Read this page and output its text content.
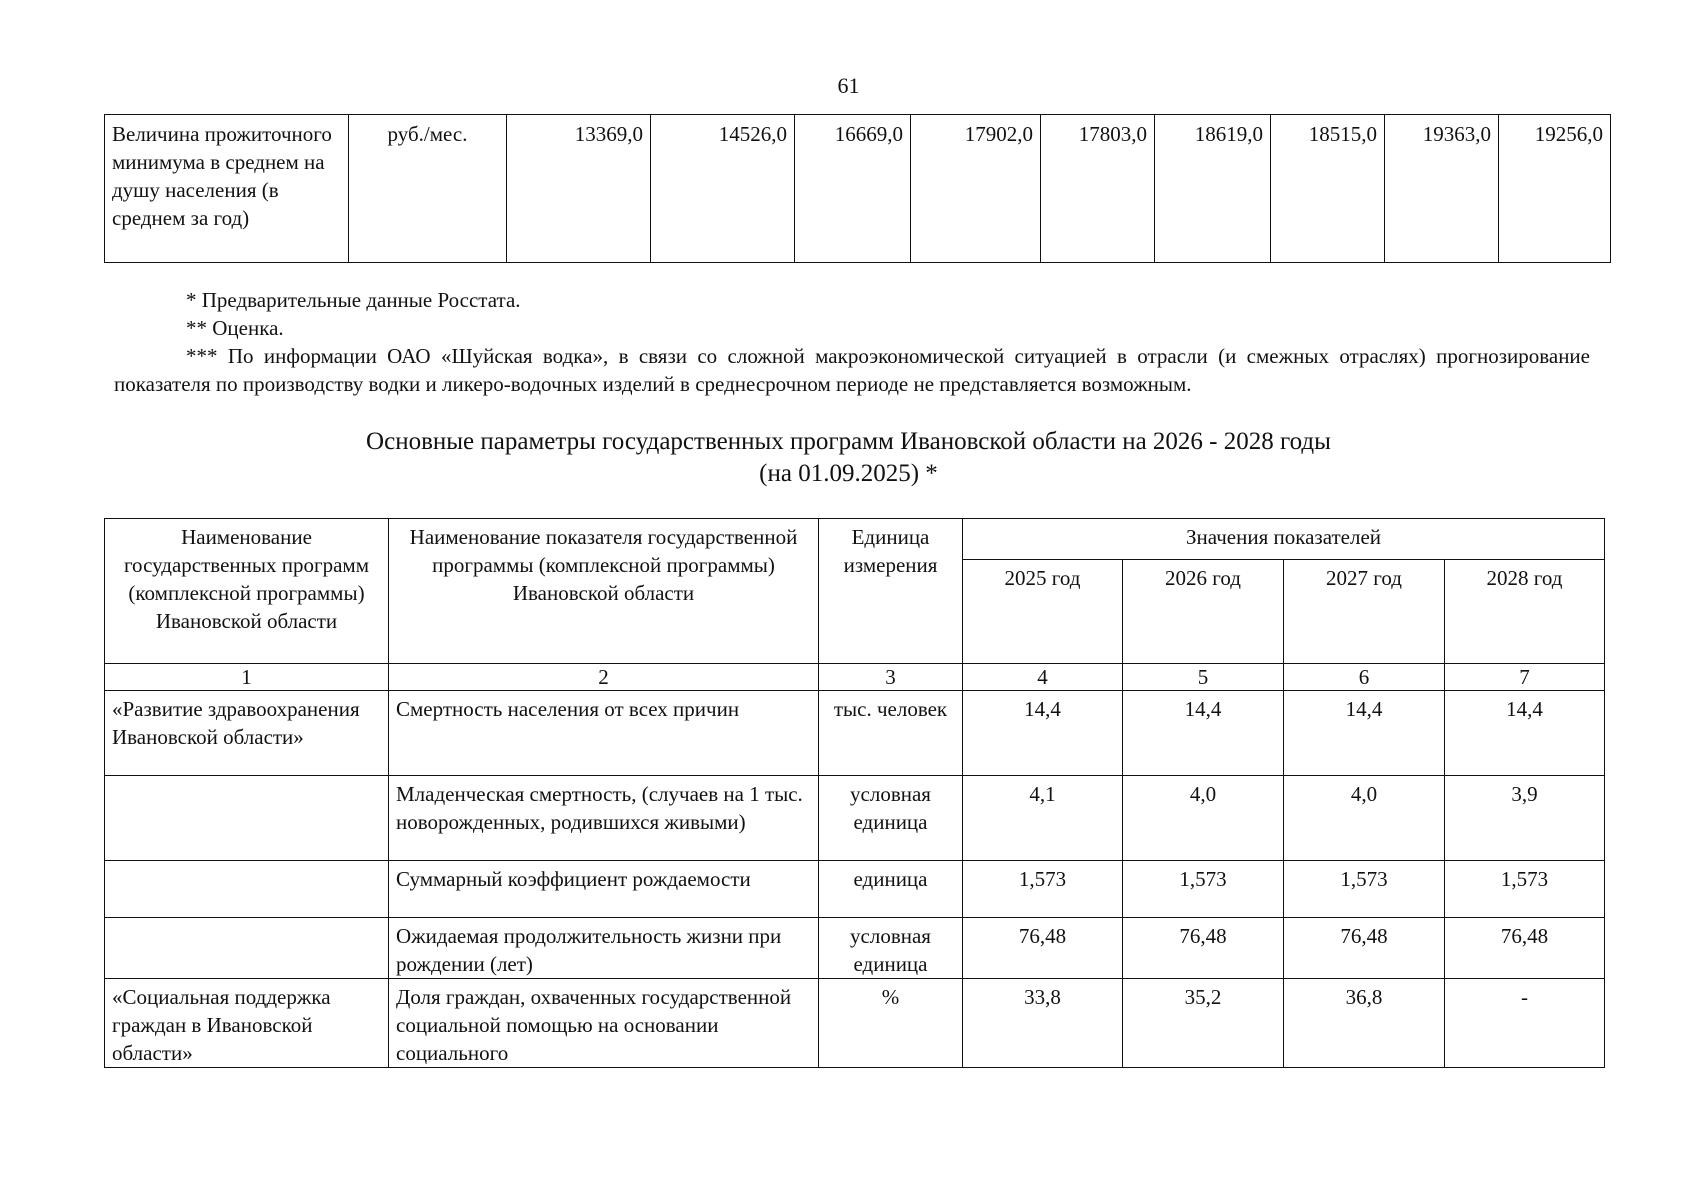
61
Величина прожиточного минимума в среднем на душу населения (в среднем за год)	руб./мес.	13369,0	14526,0	16669,0	17902,0	17803,0	18619,0	18515,0	19363,0	19256,0

* Предварительные данные Росстата.

** Оценка.

*** По информации ОАО «Шуйская водка», в связи со сложной макроэкономической ситуацией в отрасли (и смежных отраслях) прогнозирование показателя по производству водки и ликеро-водочных изделий в среднесрочном периоде не представляется возможным.

Основные параметры государственных программ Ивановской области на 2026 - 2028 годы
(на 01.09.2025) *
Наименование государственных программ (комплексной программы) Ивановской области	Наименование показателя государственной программы (комплексной программы) Ивановской области	Единица измерения	Значения показателей			
			2025 год	2026 год	2027 год	2028 год
1	2	3	4	5	6	7
«Развитие здравоохранения Ивановской области»	Смертность населения от всех причин	тыс. человек	14,4	14,4	14,4	14,4
	Младенческая смертность, (случаев на 1 тыс. новорожденных, родившихся живыми)	условная единица	4,1	4,0	4,0	3,9
	Суммарный коэффициент рождаемости	единица	1,573	1,573	1,573	1,573
	Ожидаемая продолжительность жизни при рождении (лет)	условная единица	76,48	76,48	76,48	76,48
«Социальная поддержка граждан в Ивановской области»	Доля граждан, охваченных государственной социальной помощью на основании социального	%	33,8	35,2	36,8	-
